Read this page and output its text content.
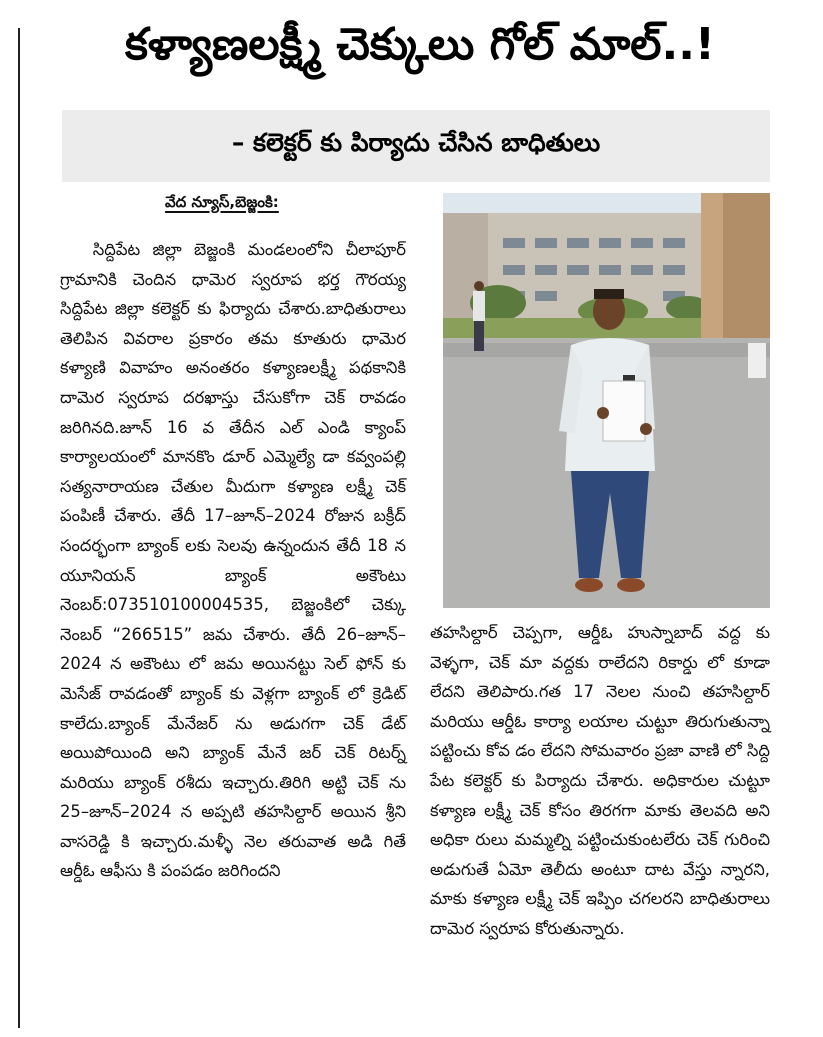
కళ్యాణలక్ష్మీ చెక్కులు గోల్ మాల్..!
– కలెక్టర్ కు పిర్యాదు చేసిన బాధితులు
వేద న్యూస్,బెజ్జంకి:

సిద్దిపేట జిల్లా బెజ్జంకి మండలంలోని చీలాపూర్ గ్రామానికి చెందిన ధామెర స్వరూప భర్త గౌరయ్య సిద్దిపేట జిల్లా కలెక్టర్ కు ఫిర్యాదు చేశారు.బాధితురాలు తెలిపిన వివరాల ప్రకారం తమ కూతురు ధామెర కళ్యాణి వివాహం అనంతరం కళ్యాణలక్ష్మీ పథకానికి దామెర స్వరూప దరఖాస్తు చేసుకోగా చెక్ రావడం జరిగినది.జూన్ 16 వ తేదీన ఎల్ ఎండి క్యాంప్ కార్యాలయంలో మానకొం డూర్ ఎమ్మెల్యే డా కవ్వంపల్లి సత్యనారాయణ చేతుల మీదుగా కళ్యాణ లక్ష్మీ చెక్ పంపిణీ చేశారు. తేదీ 17–జూన్–2024 రోజున బక్రీద్ సందర్భంగా బ్యాంక్ లకు సెలవు ఉన్నందున తేదీ 18 న యూనియన్ బ్యాంక్ అకౌంటు నెంబర్:073510100004535, బెజ్జంకిలో చెక్కు నెంబర్ “266515” జమ చేశారు. తేదీ 26–జూన్–2024 న అకౌంటు లో జమ అయినట్టు సెల్ ఫోన్ కు మెసేజ్ రావడంతో బ్యాంక్ కు వెళ్లగా బ్యాంక్ లో క్రెడిట్ కాలేదు.బ్యాంక్ మేనేజర్ ను అడుగగా చెక్ డేట్ అయిపోయింది అని బ్యాంక్ మేనే జర్ చెక్ రిటర్న్ మరియు బ్యాంక్ రశీదు ఇచ్చారు.తిరిగి అట్టి చెక్ ను 25–జూన్–2024 న అప్పటి తహసిల్దార్ అయిన శ్రీని వాసరెడ్డి కి ఇచ్చారు.మళ్ళీ నెల తరువాత అడి గితే ఆర్డీఓ ఆఫీసు కి పంపడం జరిగిందని

తహసిల్దార్ చెప్పగా, ఆర్డీఓ హుస్నాబాద్ వద్ద కు వెళ్ళగా, చెక్ మా వద్దకు రాలేదని రికార్డు లో కూడా లేదని తెలిపారు.గత 17 నెలల నుంచి తహసిల్దార్ మరియు ఆర్డీఓ కార్యా లయాల చుట్టూ తిరుగుతున్నా పట్టించు కోవ డం లేదని సోమవారం ప్రజా వాణి లో సిద్ది పేట కలెక్టర్ కు పిర్యాదు చేశారు. అధికారుల చుట్టూ కళ్యాణ లక్ష్మీ చెక్ కోసం తిరగగా మాకు తెలవది అని అధికా రులు మమ్మల్ని పట్టించుకుంటలేరు చెక్ గురించి అడుగుతే ఏమో తెలీదు అంటూ దాట వేస్తు న్నారని, మాకు కళ్యాణ లక్ష్మీ చెక్ ఇప్పిం చగలరని బాధితురాలు దామెర స్వరూప కోరుతున్నారు.
